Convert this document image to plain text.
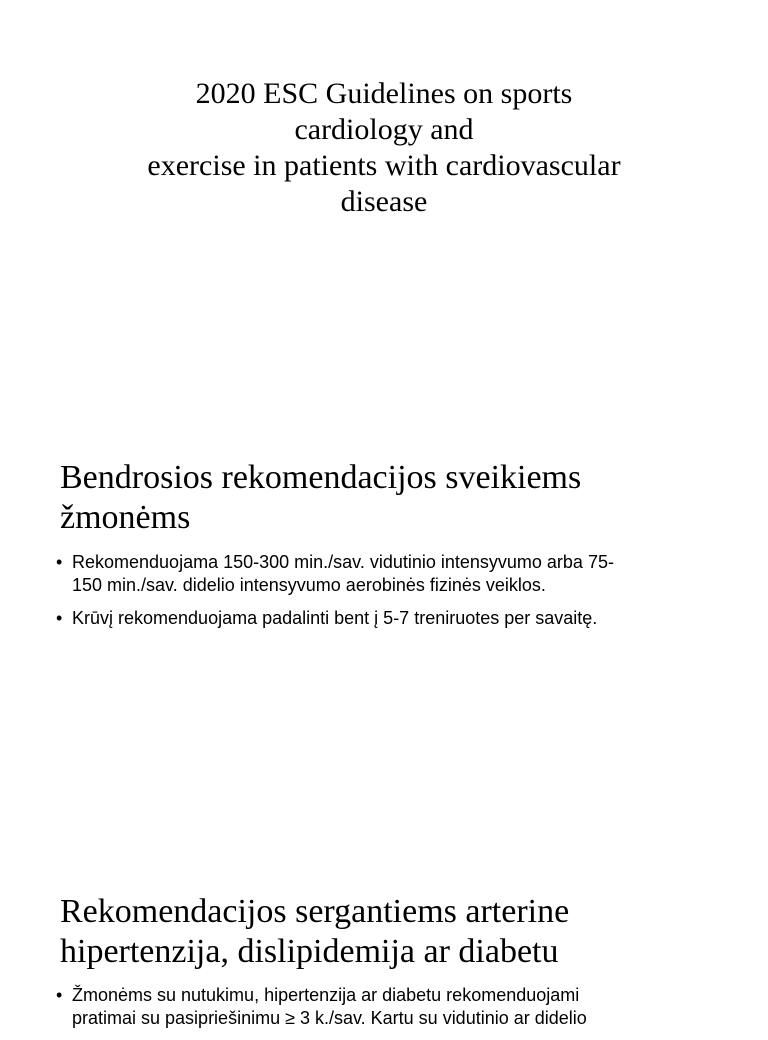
2020 ESC Guidelines on sports
cardiology and
exercise in patients with cardiovascular
disease
Bendrosios rekomendacijos sveikiems
žmonėms
• Rekomenduojama 150-300 min./sav. vidutinio intensyvumo arba 75-
150 min./sav. didelio intensyvumo aerobinės fizinės veiklos.
• Krūvį rekomenduojama padalinti bent į 5-7 treniruotes per savaitę.
Rekomendacijos sergantiems arterine
hipertenzija, dislipidemija ar diabetu
• Žmonėms su nutukimu, hipertenzija ar diabetu rekomenduojami
pratimai su pasipriešinimu ≥ 3 k./sav. Kartu su vidutinio ar didelio
